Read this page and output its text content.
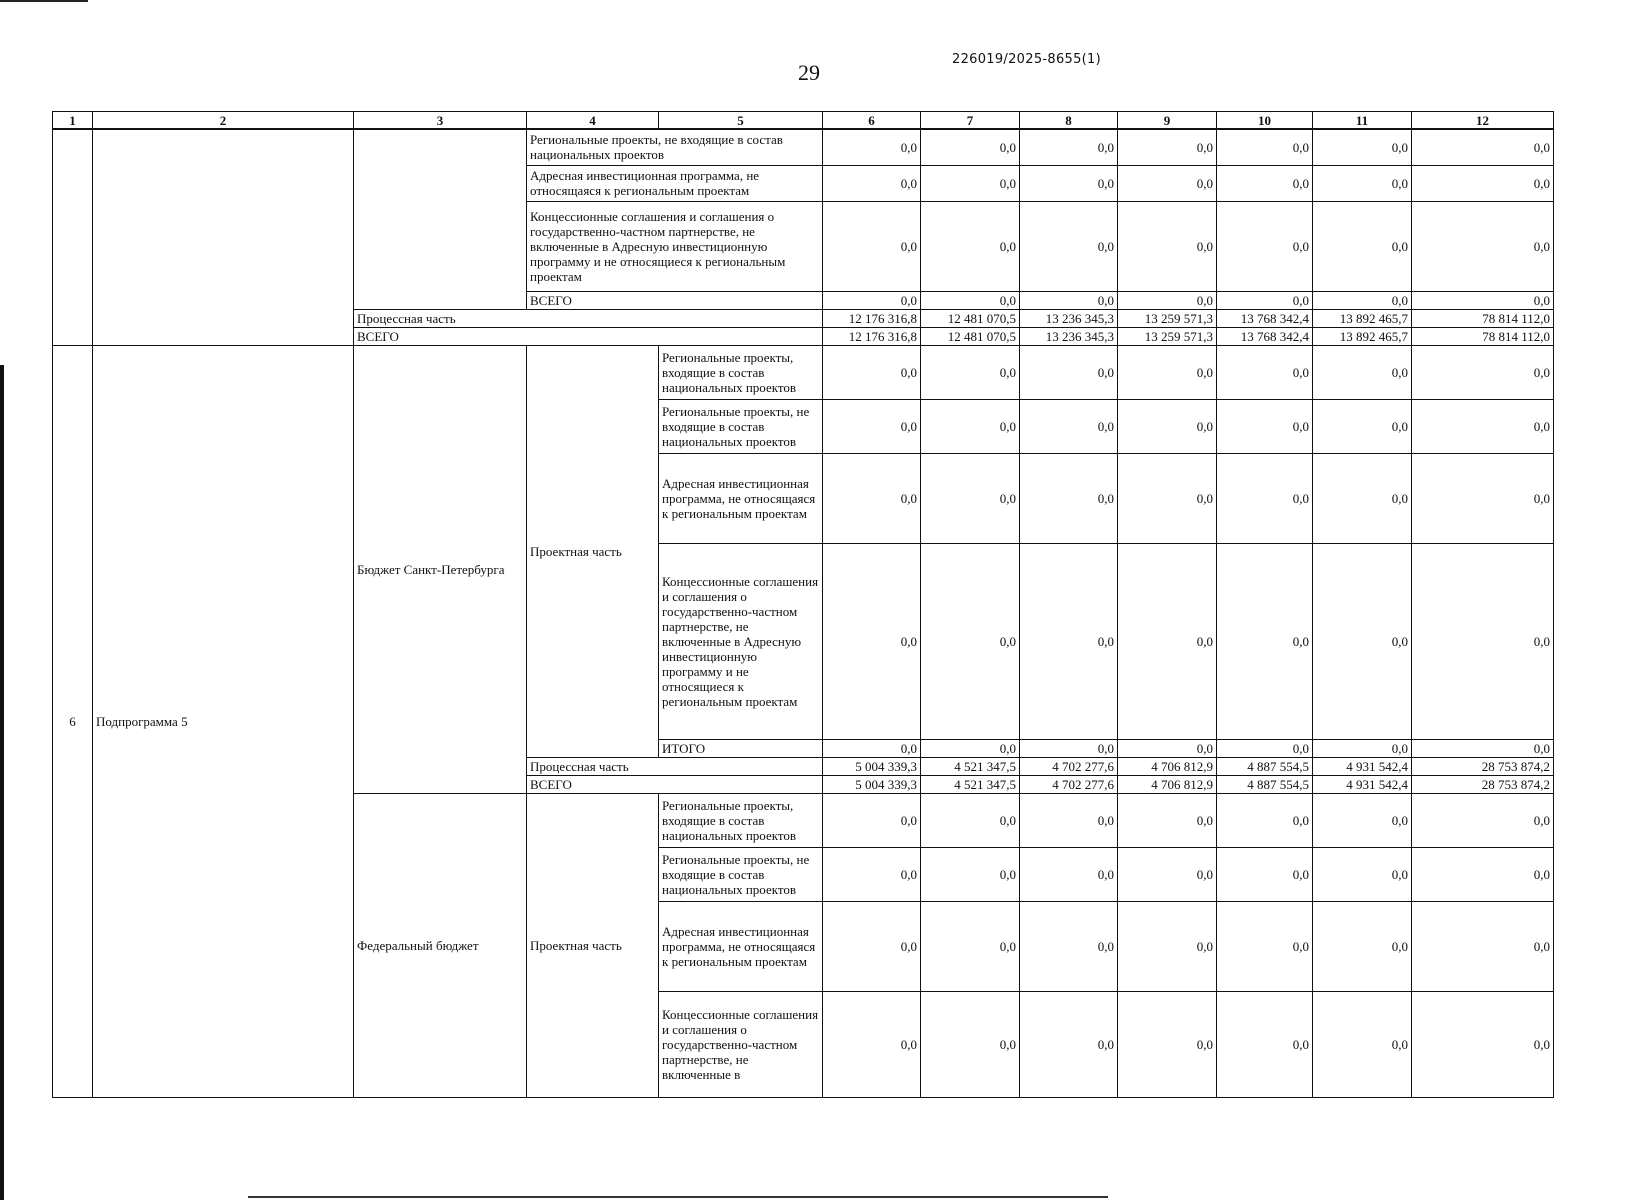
29
226019/2025-8655(1)
1	2	3	4	5	6	7	8	9	10	11	12
			Региональные проекты, не входящие в состав национальных проектов		0,0	0,0	0,0	0,0	0,0	0,0	0,0
			Адресная инвестиционная программа, не относящаяся к региональным проектам		0,0	0,0	0,0	0,0	0,0	0,0	0,0
			Концессионные соглашения и соглашения о государственно-частном партнерстве, не включенные в Адресную инвестиционную программу и не относящиеся к региональным проектам		0,0	0,0	0,0	0,0	0,0	0,0	0,0
			ВСЕГО		0,0	0,0	0,0	0,0	0,0	0,0	0,0
		Процессная часть			12 176 316,8	12 481 070,5	13 236 345,3	13 259 571,3	13 768 342,4	13 892 465,7	78 814 112,0
		ВСЕГО			12 176 316,8	12 481 070,5	13 236 345,3	13 259 571,3	13 768 342,4	13 892 465,7	78 814 112,0
6	Подпрограмма 5	Бюджет Санкт-Петербурга	Проектная часть	Региональные проекты, входящие в состав национальных проектов	0,0	0,0	0,0	0,0	0,0	0,0	0,0
				Региональные проекты, не входящие в состав национальных проектов	0,0	0,0	0,0	0,0	0,0	0,0	0,0
				Адресная инвестиционная программа, не относящаяся к региональным проектам	0,0	0,0	0,0	0,0	0,0	0,0	0,0
				Концессионные соглашения и соглашения о государственно-частном партнерстве, не включенные в Адресную инвестиционную программу и не относящиеся к региональным проектам	0,0	0,0	0,0	0,0	0,0	0,0	0,0
				ИТОГО	0,0	0,0	0,0	0,0	0,0	0,0	0,0
			Процессная часть		5 004 339,3	4 521 347,5	4 702 277,6	4 706 812,9	4 887 554,5	4 931 542,4	28 753 874,2
			ВСЕГО		5 004 339,3	4 521 347,5	4 702 277,6	4 706 812,9	4 887 554,5	4 931 542,4	28 753 874,2
		Федеральный бюджет	Проектная часть	Региональные проекты, входящие в состав национальных проектов	0,0	0,0	0,0	0,0	0,0	0,0	0,0
				Региональные проекты, не входящие в состав национальных проектов	0,0	0,0	0,0	0,0	0,0	0,0	0,0
				Адресная инвестиционная программа, не относящаяся к региональным проектам	0,0	0,0	0,0	0,0	0,0	0,0	0,0
				Концессионные соглашения и соглашения о государственно-частном партнерстве, не включенные в	0,0	0,0	0,0	0,0	0,0	0,0	0,0
